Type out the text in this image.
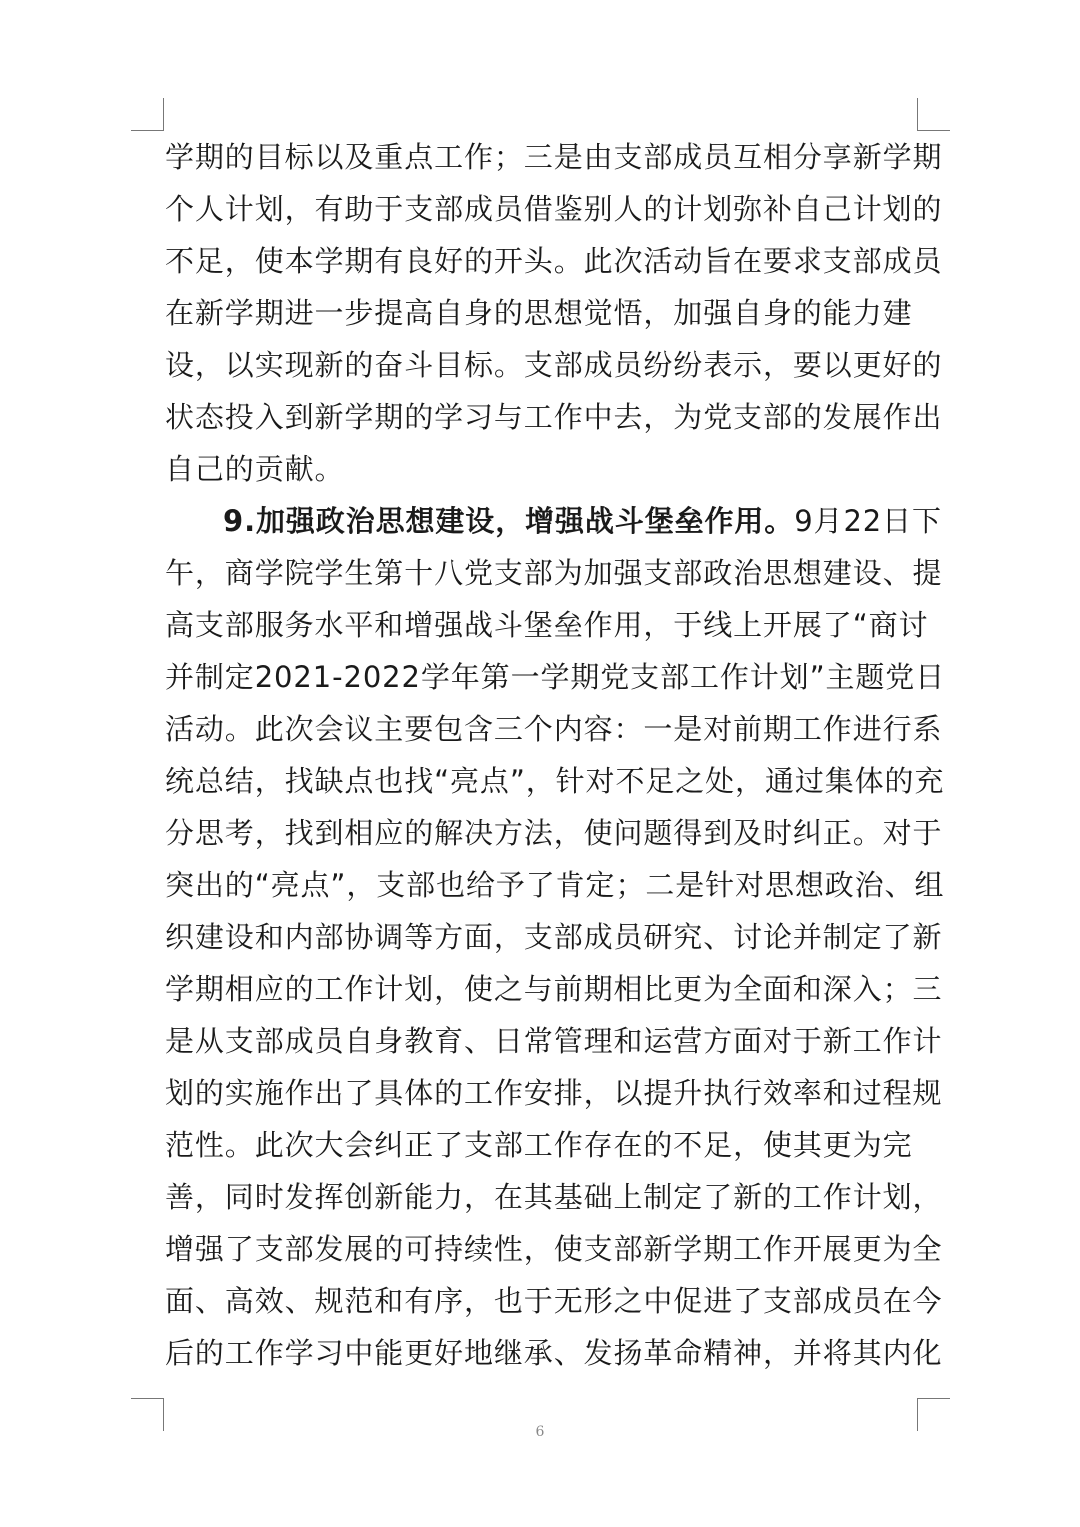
学期的目标以及重点工作；三是由支部成员互相分享新学期
个人计划，有助于支部成员借鉴别人的计划弥补自己计划的
不足，使本学期有良好的开头。此次活动旨在要求支部成员
在新学期进一步提高自身的思想觉悟，加强自身的能力建
设，以实现新的奋斗目标。支部成员纷纷表示，要以更好的
状态投入到新学期的学习与工作中去，为党支部的发展作出
自己的贡献。
9.加强政治思想建设，增强战斗堡垒作用。9月22日下
午，商学院学生第十八党支部为加强支部政治思想建设、提
高支部服务水平和增强战斗堡垒作用，于线上开展了“商讨
并制定2021-2022学年第一学期党支部工作计划”主题党日
活动。此次会议主要包含三个内容：一是对前期工作进行系
统总结，找缺点也找“亮点”，针对不足之处，通过集体的充
分思考，找到相应的解决方法，使问题得到及时纠正。对于
突出的“亮点”，支部也给予了肯定；二是针对思想政治、组
织建设和内部协调等方面，支部成员研究、讨论并制定了新
学期相应的工作计划，使之与前期相比更为全面和深入；三
是从支部成员自身教育、日常管理和运营方面对于新工作计
划的实施作出了具体的工作安排，以提升执行效率和过程规
范性。此次大会纠正了支部工作存在的不足，使其更为完
善，同时发挥创新能力，在其基础上制定了新的工作计划，
增强了支部发展的可持续性，使支部新学期工作开展更为全
面、高效、规范和有序，也于无形之中促进了支部成员在今
后的工作学习中能更好地继承、发扬革命精神，并将其内化
6
